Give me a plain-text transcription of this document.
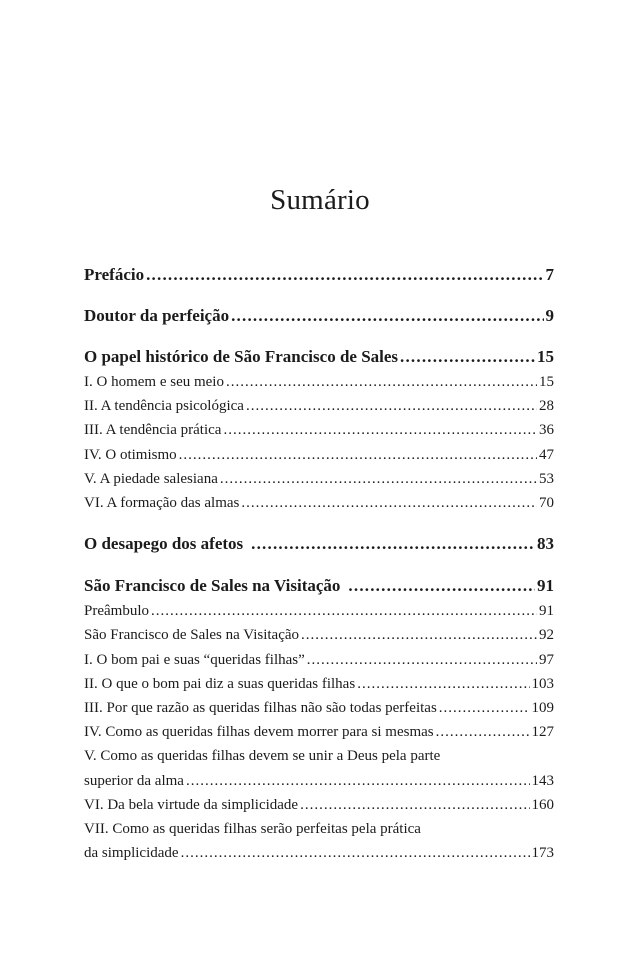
Sumário
Prefácio .....	7
Doutor da perfeição .....	9
O papel histórico de São Francisco de Sales .....	15
I. O homem e seu meio .....	15
II. A tendência psicológica .....	28
III. A tendência prática .....	36
IV. O otimismo .....	47
V. A piedade salesiana .....	53
VI. A formação das almas .....	70
O desapego dos afetos .....	83
São Francisco de Sales na Visitação .....	91
Preâmbulo .....	91
São Francisco de Sales na Visitação .....	92
I. O bom pai e suas “queridas filhas” .....	97
II. O que o bom pai diz a suas queridas filhas .....	103
III. Por que razão as queridas filhas não são todas perfeitas .....	109
IV. Como as queridas filhas devem morrer para si mesmas .....	127
V. Como as queridas filhas devem se unir a Deus pela parte
superior da alma .....	143
VI. Da bela virtude da simplicidade .....	160
VII. Como as queridas filhas serão perfeitas pela prática
da simplicidade .....	173
